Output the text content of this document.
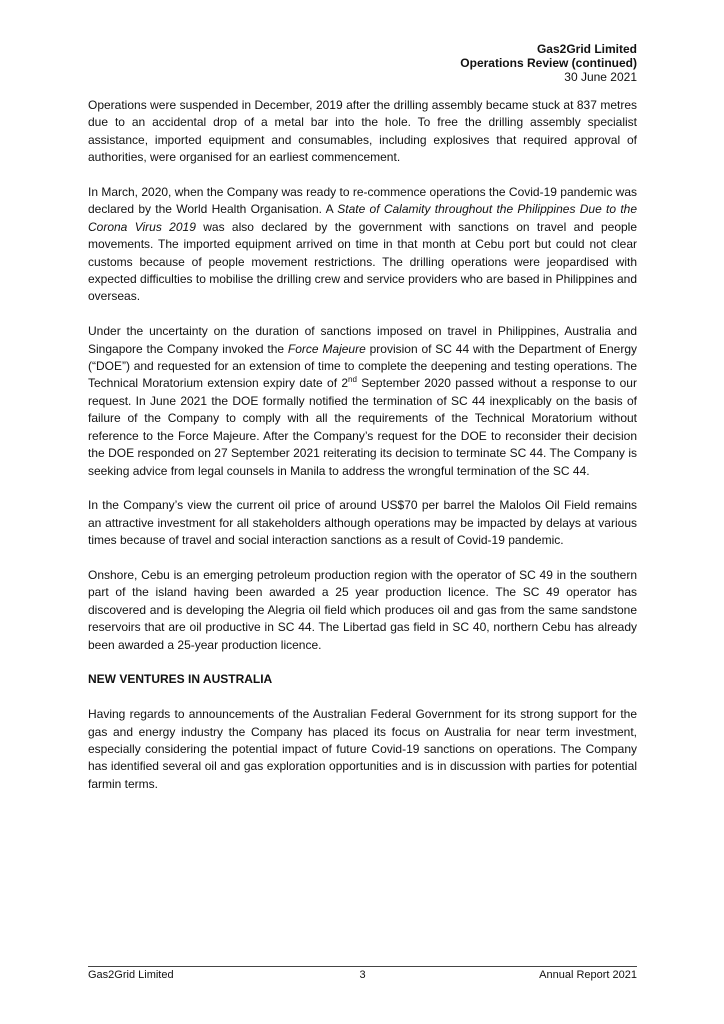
Gas2Grid Limited
Operations Review (continued)
30 June 2021

Operations were suspended in December, 2019 after the drilling assembly became stuck at 837 metres due to an accidental drop of a metal bar into the hole. To free the drilling assembly specialist assistance, imported equipment and consumables, including explosives that required approval of authorities, were organised for an earliest commencement.

In March, 2020, when the Company was ready to re-commence operations the Covid-19 pandemic was declared by the World Health Organisation. A State of Calamity throughout the Philippines Due to the Corona Virus 2019 was also declared by the government with sanctions on travel and people movements. The imported equipment arrived on time in that month at Cebu port but could not clear customs because of people movement restrictions. The drilling operations were jeopardised with expected difficulties to mobilise the drilling crew and service providers who are based in Philippines and overseas.

Under the uncertainty on the duration of sanctions imposed on travel in Philippines, Australia and Singapore the Company invoked the Force Majeure provision of SC 44 with the Department of Energy (“DOE”) and requested for an extension of time to complete the deepening and testing operations. The Technical Moratorium extension expiry date of 2nd September 2020 passed without a response to our request. In June 2021 the DOE formally notified the termination of SC 44 inexplicably on the basis of failure of the Company to comply with all the requirements of the Technical Moratorium without reference to the Force Majeure. After the Company’s request for the DOE to reconsider their decision the DOE responded on 27 September 2021 reiterating its decision to terminate SC 44. The Company is seeking advice from legal counsels in Manila to address the wrongful termination of the SC 44.

In the Company’s view the current oil price of around US$70 per barrel the Malolos Oil Field remains an attractive investment for all stakeholders although operations may be impacted by delays at various times because of travel and social interaction sanctions as a result of Covid-19 pandemic.

Onshore, Cebu is an emerging petroleum production region with the operator of SC 49 in the southern part of the island having been awarded a 25 year production licence. The SC 49 operator has discovered and is developing the Alegria oil field which produces oil and gas from the same sandstone reservoirs that are oil productive in SC 44. The Libertad gas field in SC 40, northern Cebu has already been awarded a 25-year production licence.

NEW VENTURES IN AUSTRALIA

Having regards to announcements of the Australian Federal Government for its strong support for the gas and energy industry the Company has placed its focus on Australia for near term investment, especially considering the potential impact of future Covid-19 sanctions on operations. The Company has identified several oil and gas exploration opportunities and is in discussion with parties for potential farmin terms.

Gas2Grid Limited	3	Annual Report 2021
